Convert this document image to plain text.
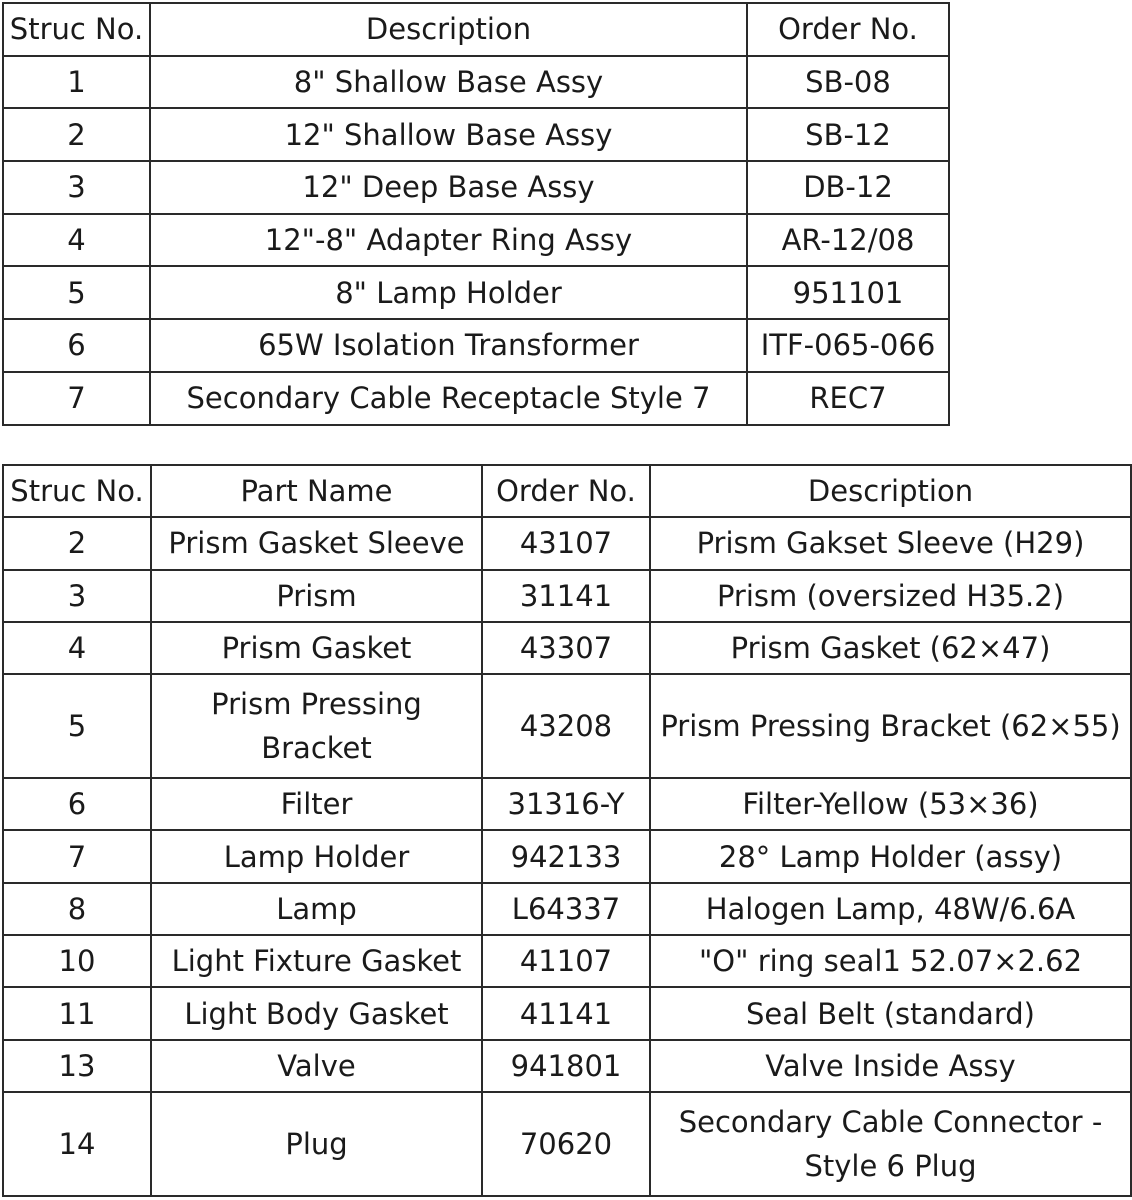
Struc No.	Description	Order No.
1	8" Shallow Base Assy	SB-08
2	12" Shallow Base Assy	SB-12
3	12" Deep Base Assy	DB-12
4	12"-8" Adapter Ring Assy	AR-12/08
5	8" Lamp Holder	951101
6	65W Isolation Transformer	ITF-065-066
7	Secondary Cable Receptacle Style 7	REC7
Struc No.	Part Name	Order No.	Description
2	Prism Gasket Sleeve	43107	Prism Gakset Sleeve (H29)
3	Prism	31141	Prism (oversized H35.2)
4	Prism Gasket	43307	Prism Gasket (62×47)
5	Prism Pressing Bracket	43208	Prism Pressing Bracket (62×55)
6	Filter	31316-Y	Filter-Yellow (53×36)
7	Lamp Holder	942133	28° Lamp Holder (assy)
8	Lamp	L64337	Halogen Lamp, 48W/6.6A
10	Light Fixture Gasket	41107	"O" ring seal1 52.07×2.62
11	Light Body Gasket	41141	Seal Belt (standard)
13	Valve	941801	Valve Inside Assy
14	Plug	70620	Secondary Cable Connector -Style 6 Plug
